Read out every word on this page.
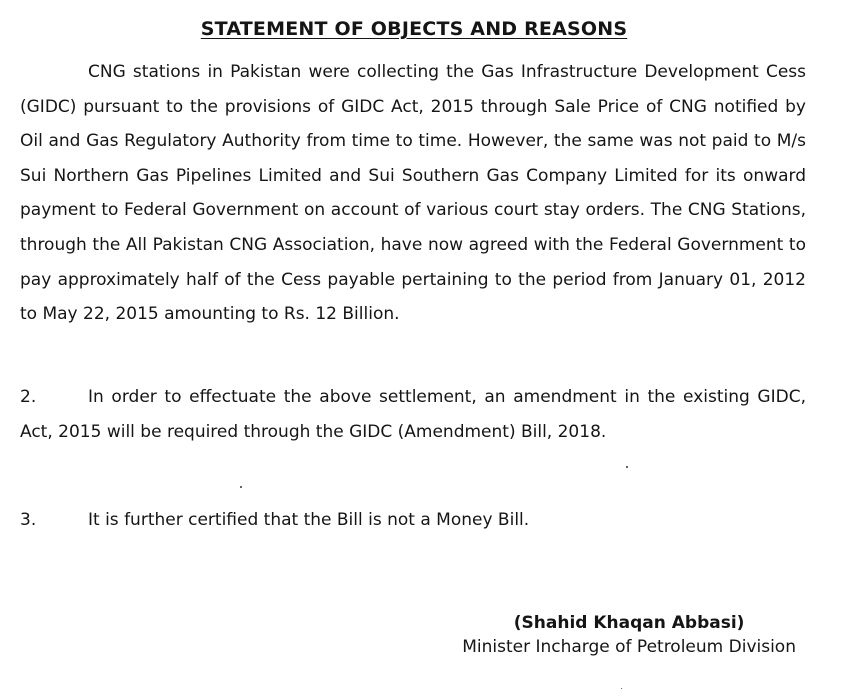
STATEMENT OF OBJECTS AND REASONS

CNG stations in Pakistan were collecting the Gas Infrastructure Development Cess (GIDC) pursuant to the provisions of GIDC Act, 2015 through Sale Price of CNG notified by Oil and Gas Regulatory Authority from time to time. However, the same was not paid to M/s Sui Northern Gas Pipelines Limited and Sui Southern Gas Company Limited for its onward payment to Federal Government on account of various court stay orders. The CNG Stations, through the All Pakistan CNG Association, have now agreed with the Federal Government to pay approximately half of the Cess payable pertaining to the period from January 01, 2012 to May 22, 2015 amounting to Rs. 12 Billion.

2.	In order to effectuate the above settlement, an amendment in the existing GIDC, Act, 2015 will be required through the GIDC (Amendment) Bill, 2018.

3.	It is further certified that the Bill is not a Money Bill.

(Shahid Khaqan Abbasi)

Minister Incharge of Petroleum Division
